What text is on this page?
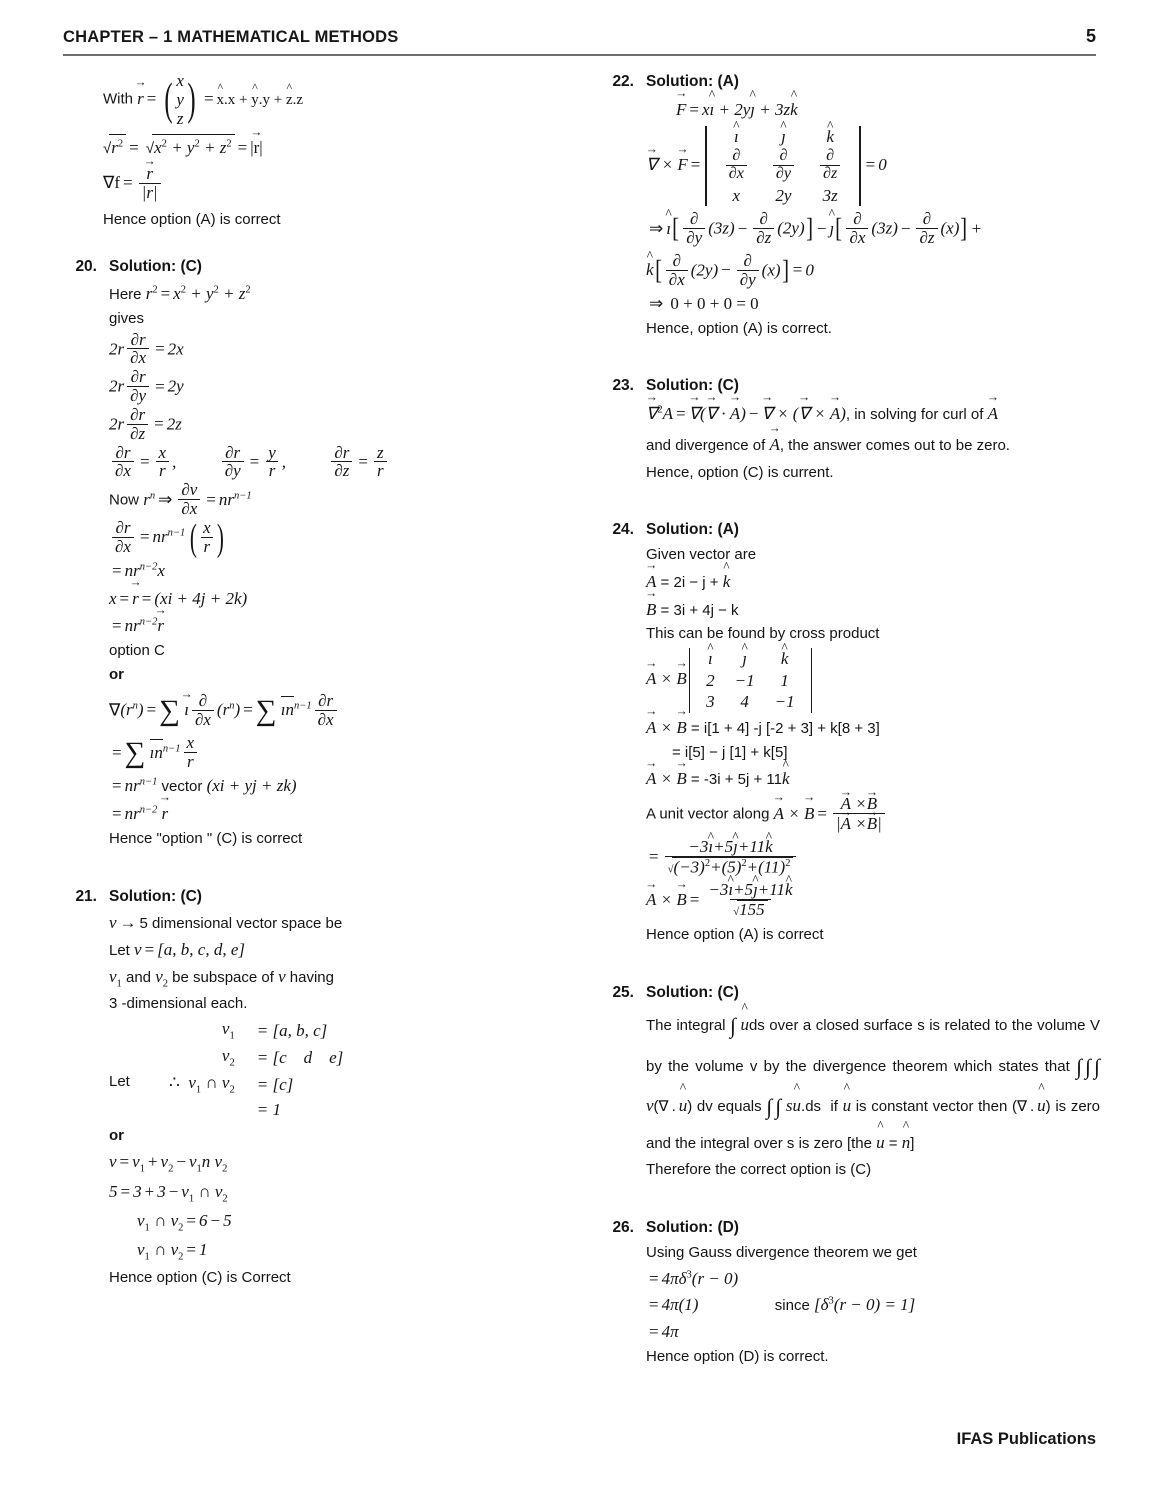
CHAPTER – 1 MATHEMATICAL METHODS	5
With r → = ( x
y
z ) = x ^.x + y ^.y + z ^.z
$√r^2 = √x^2 + y^2 + z^2 = |r$ →|
$\nabla f = \frac{r \to}{|r|}$
Hence option (A) is correct
20. Solution: (C)
Here $r^2 = x^2 + y^2 + z^2$
gives
$2r \frac{\partial r}{\partial x} = 2x$
$2r \frac{\partial r}{\partial y} = 2y$
$2r \frac{\partial r}{\partial z} = 2z$
$\frac{\partial r}{\partial x} = \frac{x}{r}$ ,	$\frac{\partial r}{\partial y} = \frac{y}{r}$ ,	$\frac{\partial r}{\partial z} = \frac{z}{r}$
Now $r^n$ ⇒ $\frac{\partial v}{\partial x} = nr^{n-1}$
$\frac{\partial r}{\partial x} = nr^{n-1}$ ( $\frac{x}{r}$ )
= $nr^{n-2}x$
x = r → = (xi + 4j + 2k)
= $nr^{n-2}r$ →
option C
or
$\nabla(r^n)$ = ∑ ı → $\frac{\partial}{\partial x} (r^n)$ = ∑ $ın^{n-1} \frac{\partial r}{\partial x}$
= ∑ $ın^{n-1} \frac{x}{r}$
= $nr^{n-1}$ vector (xi + yj + zk)
= $nr^{n-2}$ r →
Hence "option " (C) is correct
21. Solution: (C)
v → 5 dimensional vector space be
Let v = [a, b, c, d, e]
$v_1$ and $v_2$ be subspace of v having
3 -dimensional each.
Let
$v_1$	= [a, b, c]
$v_2$	= [c    d    e]
∴  $v_1$ ∩ $v_2$	= [c]
	= 1
or
$v = v_1 + v_2 - v_1n$ $v_2$
$5 = 3 + 3 - v_1$ ∩ $v_2$
$v_1$ ∩ $v_2 = 6 - 5$
$v_1$ ∩ $v_2 = 1$
Hence option (C) is Correct
22. Solution: (A)
F → = xı ^ + 2yȷ ^ + 3zk ^
∇ → × F → =
ı ^	ȷ ^	k ^

$\frac{\partial}{\partial x}$	$\frac{\partial}{\partial y}$	$\frac{\partial}{\partial z}$

x	2y	3z
= 0
⇒ ı ^[ $\frac{\partial}{\partial y} (3z) - \frac{\partial}{\partial z} (2y)$] − ȷ ^[ $\frac{\partial}{\partial x} (3z) - \frac{\partial}{\partial z} (x)$] +
k ^[ $\frac{\partial}{\partial x} (2y) - \frac{\partial}{\partial y} (x)] = 0$
⇒ 0 + 0 + 0 = 0
Hence, option (A) is correct.
23. Solution: (C)
∇ →$^2$A = ∇ →(∇ → · A →) − ∇ → × (∇ → × A →), in solving for curl of A →
and divergence of A →, the answer comes out to be zero.
Hence, option (C) is current.
24. Solution: (A)
Given vector are
A → = 2i − j + k ^
B → = 3i + 4j − k
This can be found by cross product
A → × B →
ı ^	ȷ ^	k ^
2	−1	1
3	4	−1
A → × B → = i[1 + 4] -j [-2 + 3] + k[8 + 3]
= i[5] − j [1] + k[5]
A → × B → = -3i + 5j + 11k ^
A unit vector along A → × B → = $\frac{A \to \times B \to}{|A \to \times B \to|}$
= $\frac{-3ı \^{}+5ȷ \^{}+11k \^{}}{√(-3)^2+(5)^2+(11)^2}$
A → × B → = $\frac{-3ı \^{}+5ȷ \^{}+11k \^{}}{√155}$
Hence option (A) is correct
25. Solution: (C)
The integral ∫ u ^ds over a closed surface s is related to the volume V by the volume v by the divergence theorem which states that ∫  ∫  ∫ v(∇ . u ^) dv equals ∫  ∫ su ^.ds  if u ^ is constant vector then (∇ . u ^) is zero and the integral over s is zero [the u ^ = n ^]
Therefore the correct option is (C)
26. Solution: (D)
Using Gauss divergence theorem we get
= $4\pi\delta^3(r - 0)$
= 4π(1)	since $[\delta^3(r - 0) = 1]$
= 4π
Hence option (D) is correct.
IFAS Publications
